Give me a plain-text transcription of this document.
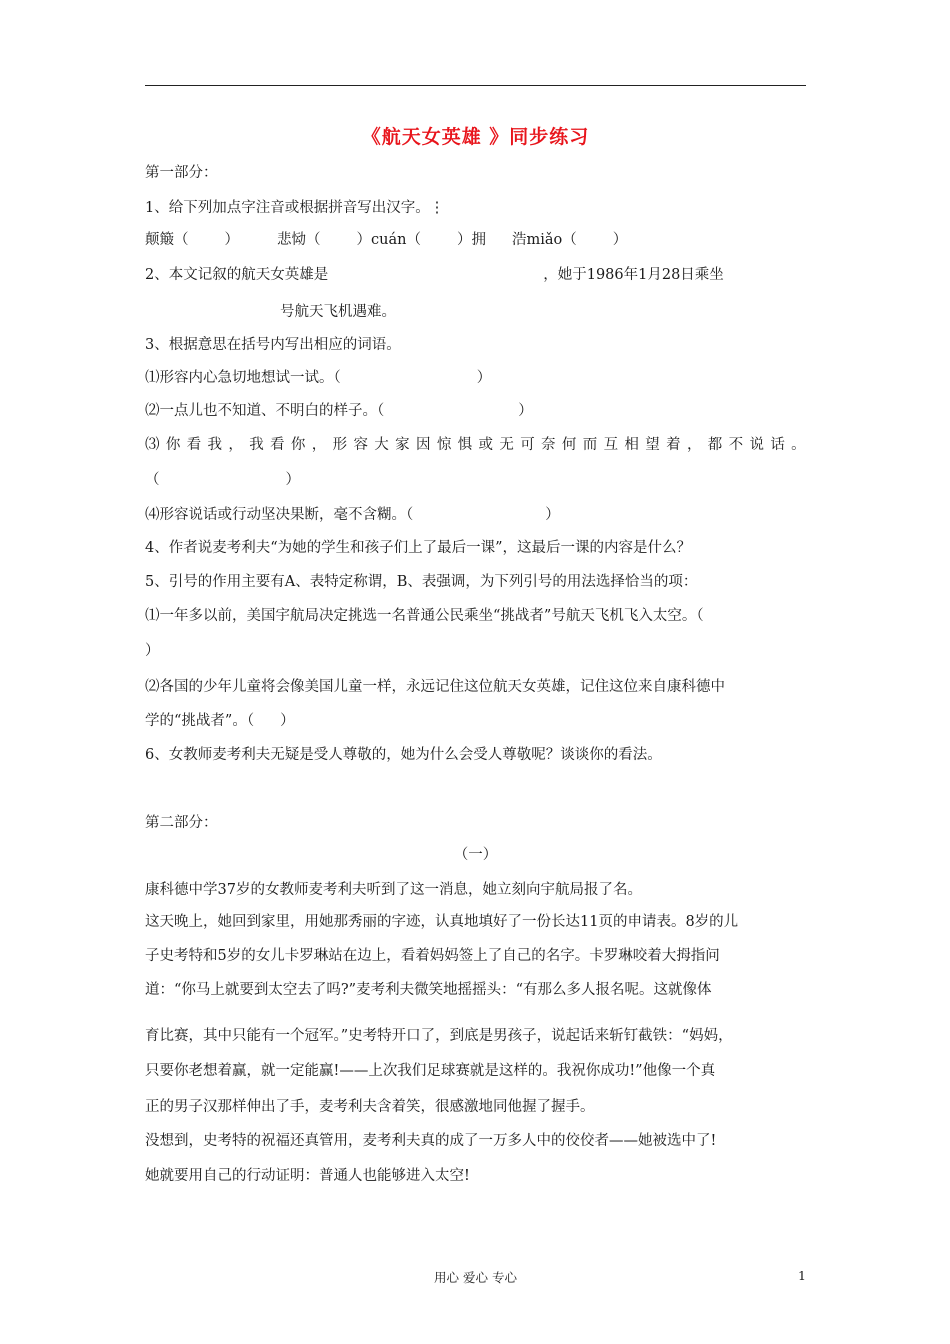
《航天女英雄 》同步练习
第一部分：
1、给下列加点字注音或根据拼音写出汉字。⋮
颠簸（ ）	悲恸（ ）cuán（ ）拥 浩miǎo（ ）
2、本文记叙的航天女英雄是	，她于1986年1月28日乘坐
号航天飞机遇难。
3、根据意思在括号内写出相应的词语。
⑴形容内心急切地想试一试。（	）
⑵一点儿也不知道、不明白的样子。（	）
⑶ 你 看 我 ， 我 看 你 ， 形 容 大 家 因 惊 惧 或 无 可 奈 何 而 互 相 望 着 ， 都 不 说 话 。
（	）
⑷形容说话或行动坚决果断，毫不含糊。（	）
4、作者说麦考利夫“为她的学生和孩子们上了最后一课”，这最后一课的内容是什么？
5、引号的作用主要有A、表特定称谓，B、表强调，为下列引号的用法选择恰当的项：
⑴一年多以前，美国宇航局决定挑选一名普通公民乘坐“挑战者”号航天飞机飞入太空。（
）
⑵各国的少年儿童将会像美国儿童一样，永远记住这位航天女英雄，记住这位来自康科德中
学的“挑战者”。（ ）
6、女教师麦考利夫无疑是受人尊敬的，她为什么会受人尊敬呢？谈谈你的看法。
第二部分：
（一）
康科德中学37岁的女教师麦考利夫听到了这一消息，她立刻向宇航局报了名。
这天晚上，她回到家里，用她那秀丽的字迹，认真地填好了一份长达11页的申请表。8岁的儿
子史考特和5岁的女儿卡罗琳站在边上，看着妈妈签上了自己的名字。卡罗琳咬着大拇指问
道：“你马上就要到太空去了吗?”麦考利夫微笑地摇摇头：“有那么多人报名呢。这就像体
育比赛，其中只能有一个冠军。”史考特开口了，到底是男孩子，说起话来斩钉截铁：“妈妈，
只要你老想着赢，就一定能赢!——上次我们足球赛就是这样的。我祝你成功!”他像一个真
正的男子汉那样伸出了手，麦考利夫含着笑，很感激地同他握了握手。
没想到，史考特的祝福还真管用，麦考利夫真的成了一万多人中的佼佼者——她被选中了!
她就要用自己的行动证明：普通人也能够进入太空!
用心 爱心 专心	1
